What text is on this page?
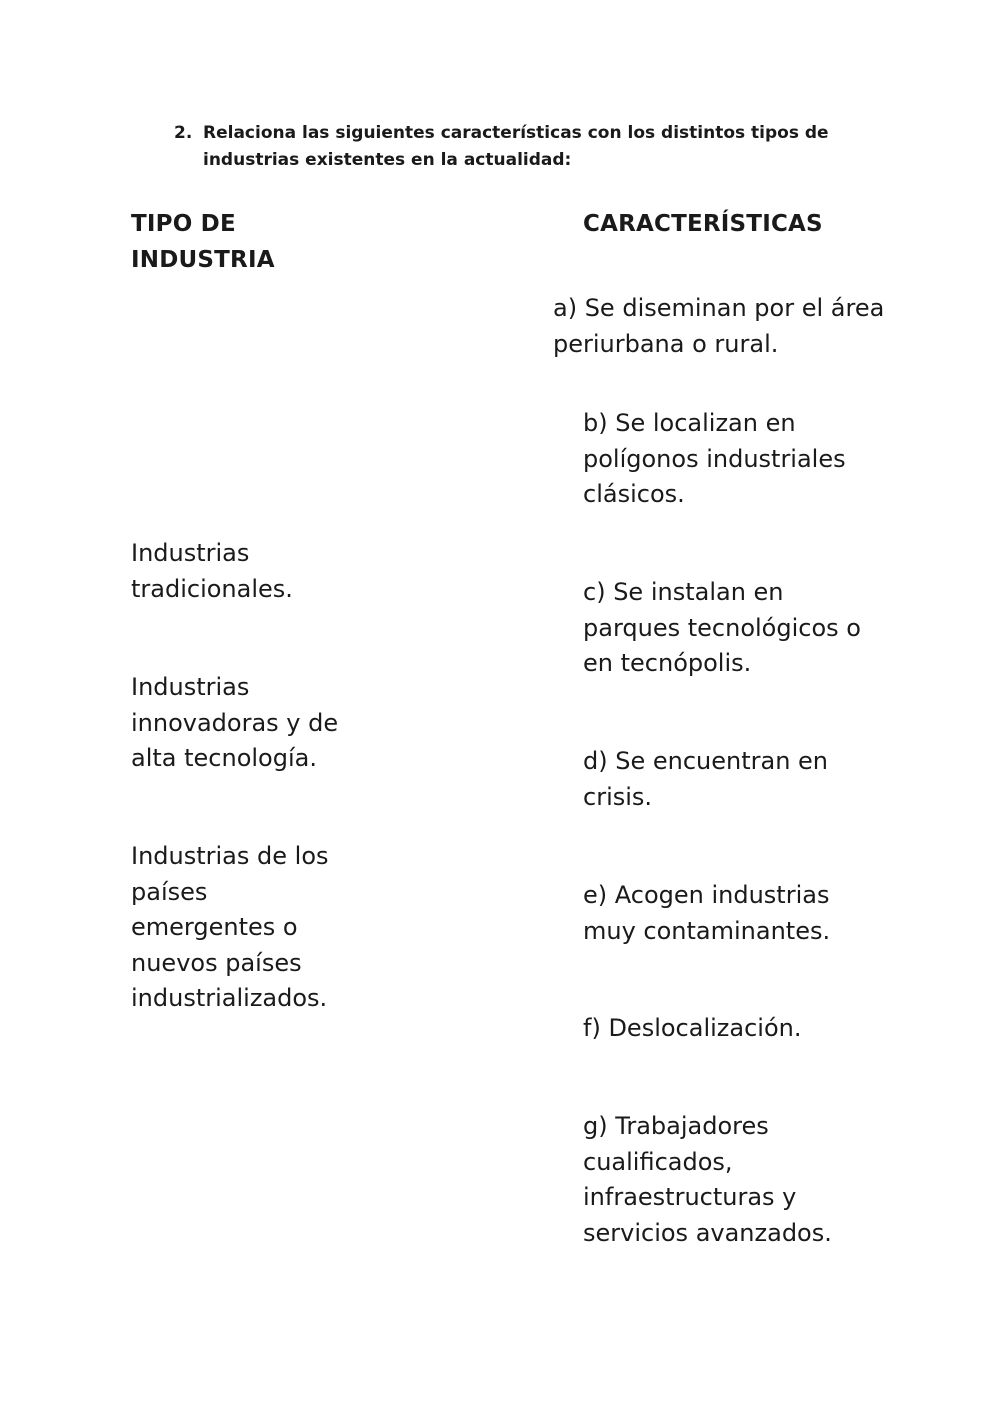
2. Relaciona las siguientes características con los distintos tipos de
industrias existentes en la actualidad:
TIPO DE
INDUSTRIA
CARACTERÍSTICAS
Industrias
tradicionales.
Industrias
innovadoras y de
alta tecnología.
Industrias de los
países
emergentes o
nuevos países
industrializados.
a) Se diseminan por el área
periurbana o rural.
b) Se localizan en
polígonos industriales
clásicos.
c) Se instalan en
parques tecnológicos o
en tecnópolis.
d) Se encuentran en
crisis.
e) Acogen industrias
muy contaminantes.
f) Deslocalización.
g) Trabajadores
cualificados,
infraestructuras y
servicios avanzados.
